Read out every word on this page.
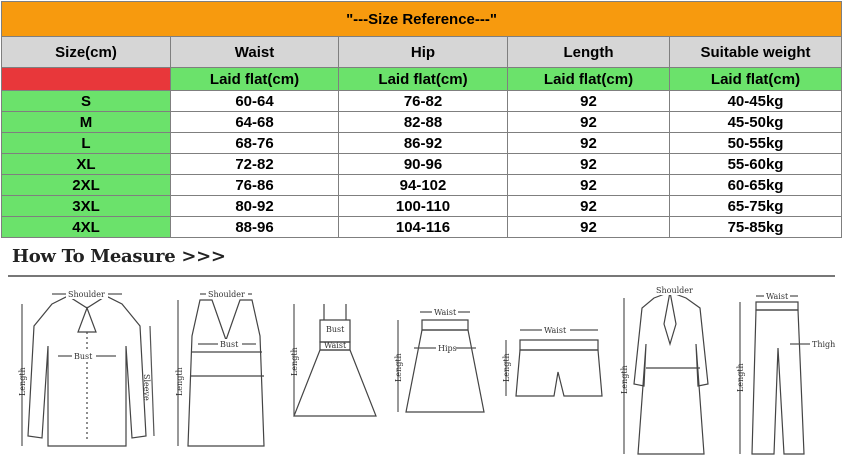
"---Size Reference---"				
Size(cm)	Waist	Hip	Length	Suitable weight
	Laid flat(cm)	Laid flat(cm)	Laid flat(cm)	Laid flat(cm)
S	60-64	76-82	92	40-45kg
M	64-68	82-88	92	45-50kg
L	68-76	86-92	92	50-55kg
XL	72-82	90-96	92	55-60kg
2XL	76-86	94-102	92	60-65kg
3XL	80-92	100-110	92	65-75kg
4XL	88-96	104-116	92	75-85kg
How To Measure >>>
Shoulder
Bust
Length	Sleeve
Shoulder
Bust
Length
Bust
Waist
Length
Waist
Hips
Length
Waist
Length
Shoulder
Length
Waist
Thigh
Length
